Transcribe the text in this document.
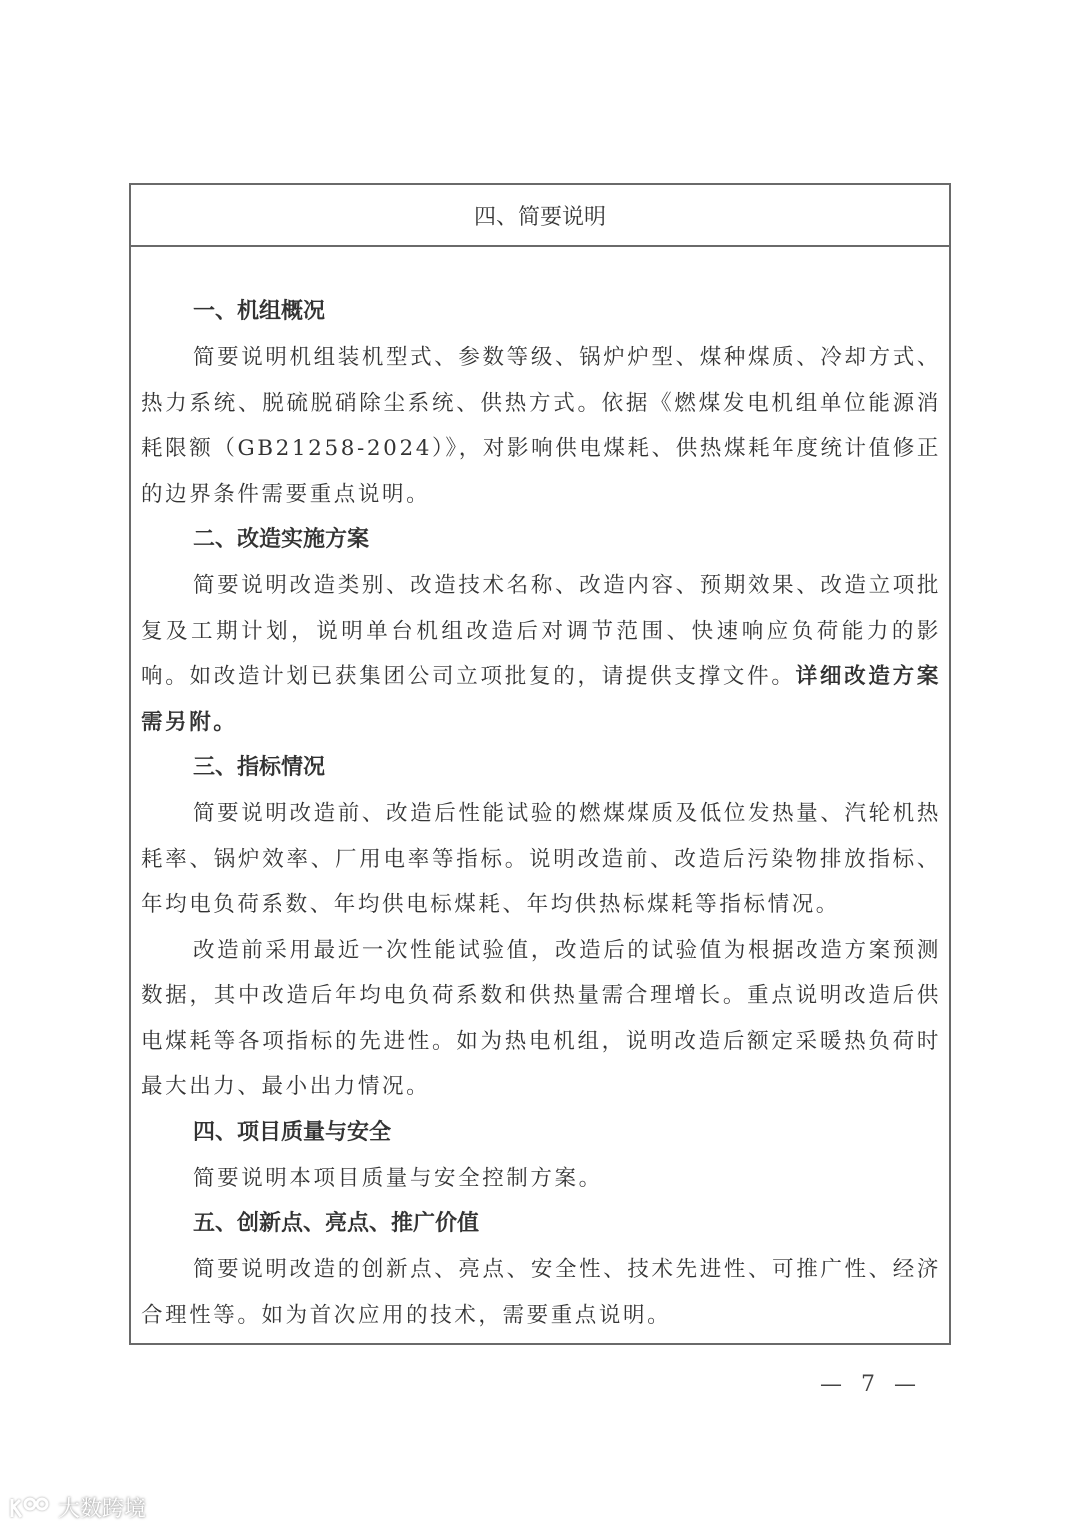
四、简要说明
一、机组概况
简要说明机组装机型式、参数等级、锅炉炉型、煤种煤质、冷却方式、热力系统、脱硫脱硝除尘系统、供热方式。依据《燃煤发电机组单位能源消耗限额（GB21258-2024）》，对影响供电煤耗、供热煤耗年度统计值修正的边界条件需要重点说明。
二、改造实施方案
简要说明改造类别、改造技术名称、改造内容、预期效果、改造立项批复及工期计划，说明单台机组改造后对调节范围、快速响应负荷能力的影响。如改造计划已获集团公司立项批复的，请提供支撑文件。详细改造方案需另附。
三、指标情况
简要说明改造前、改造后性能试验的燃煤煤质及低位发热量、汽轮机热耗率、锅炉效率、厂用电率等指标。说明改造前、改造后污染物排放指标、年均电负荷系数、年均供电标煤耗、年均供热标煤耗等指标情况。
改造前采用最近一次性能试验值，改造后的试验值为根据改造方案预测数据，其中改造后年均电负荷系数和供热量需合理增长。重点说明改造后供电煤耗等各项指标的先进性。如为热电机组，说明改造后额定采暖热负荷时最大出力、最小出力情况。
四、项目质量与安全
简要说明本项目质量与安全控制方案。
五、创新点、亮点、推广价值
简要说明改造的创新点、亮点、安全性、技术先进性、可推广性、经济合理性等。如为首次应用的技术，需要重点说明。
— 7 —
大数跨境
